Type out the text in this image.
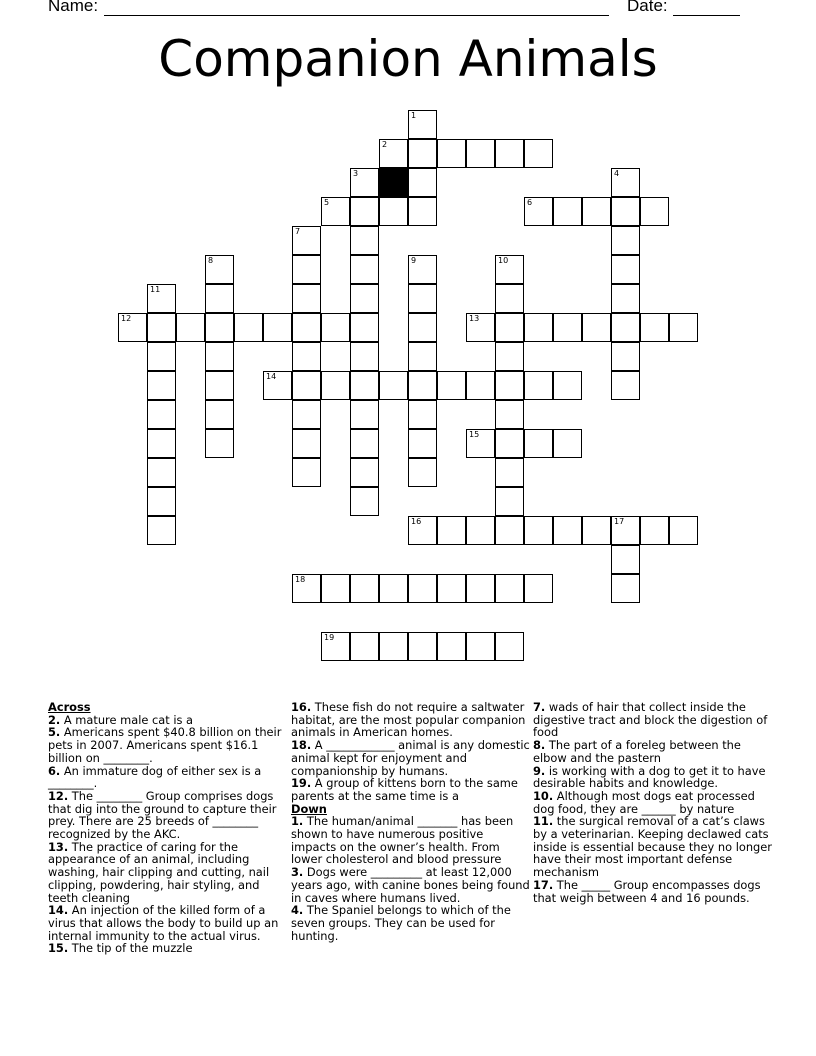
Name:	Date:
Companion Animals
1
2
3	4
5	6
7
8	9	10
11
12	13
14
15
16	17
18
19

Across

2. A mature male cat is a

5. Americans spent $40.8 billion on their pets in 2007. Americans spent $16.1 billion on ________.

6. An immature dog of either sex is a ________.

12. The ________ Group comprises dogs that dig into the ground to capture their prey. There are 25 breeds of ________ recognized by the AKC.

13. The practice of caring for the appearance of an animal, including washing, hair clipping and cutting, nail clipping, powdering, hair styling, and teeth cleaning

14. An injection of the killed form of a virus that allows the body to build up an internal immunity to the actual virus.

15. The tip of the muzzle

16. These fish do not require a saltwater habitat, are the most popular companion animals in American homes.

18. A ____________ animal is any domestic animal kept for enjoyment and companionship by humans.

19. A group of kittens born to the same parents at the same time is a

Down

1. The human/animal _______ has been shown to have numerous positive impacts on the owner’s health. From lower cholesterol and blood pressure

3. Dogs were _________ at least 12,000 years ago, with canine bones being found in caves where humans lived.

4. The Spaniel belongs to which of the seven groups. They can be used for hunting.

7. wads of hair that collect inside the digestive tract and block the digestion of food

8. The part of a foreleg between the elbow and the pastern

9. is working with a dog to get it to have desirable habits and knowledge.

10. Although most dogs eat processed dog food, they are ______ by nature

11. the surgical removal of a cat’s claws by a veterinarian. Keeping declawed cats inside is essential because they no longer have their most important defense mechanism

17. The _____ Group encompasses dogs that weigh between 4 and 16 pounds.
